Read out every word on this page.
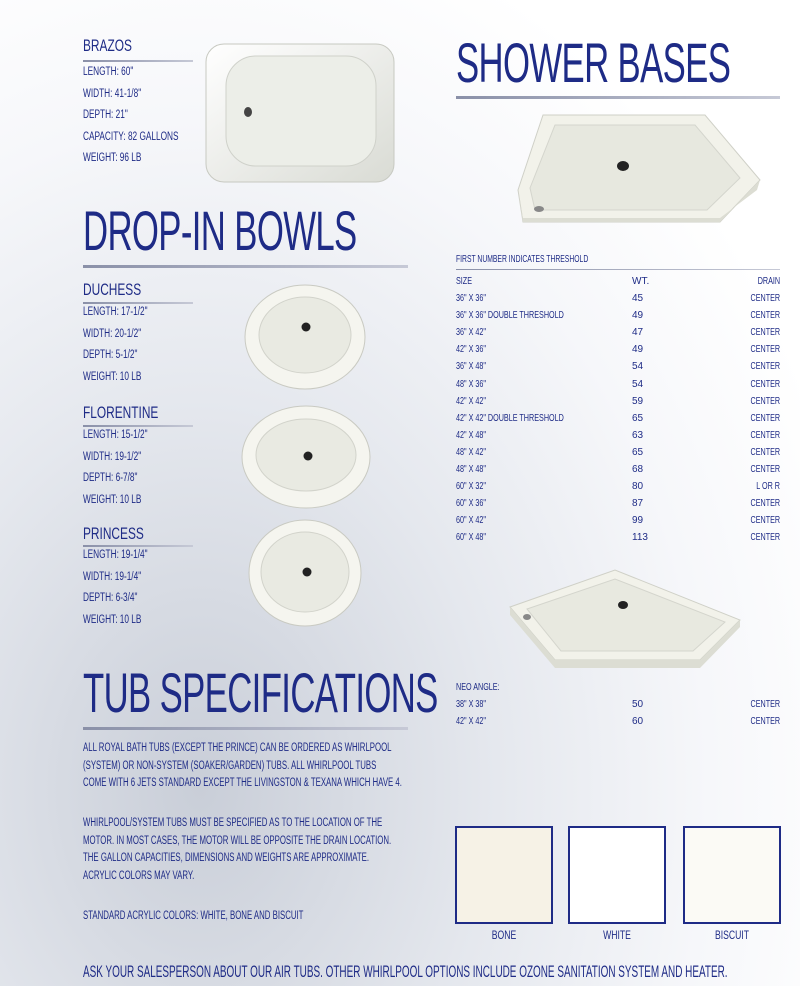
BRAZOS
LENGTH: 60"
WIDTH: 41-1/8"
DEPTH: 21"
CAPACITY: 82 GALLONS
WEIGHT: 96 LB
SHOWER BASES
FIRST NUMBER INDICATES THRESHOLD
SIZE	WT.	DRAIN
36" X 36"	45	CENTER
36" X 36" DOUBLE THRESHOLD	49	CENTER
36" X 42"	47	CENTER
42" X 36"	49	CENTER
36" X 48"	54	CENTER
48" X 36"	54	CENTER
42" X 42"	59	CENTER
42" X 42" DOUBLE THRESHOLD	65	CENTER
42" X 48"	63	CENTER
48" X 42"	65	CENTER
48" X 48"	68	CENTER
60" X 32"	80	L OR R
60" X 36"	87	CENTER
60" X 42"	99	CENTER
60" X 48"	113	CENTER
NEO ANGLE:
38" X 38"	50	CENTER
42" X 42"	60	CENTER
DROP-IN BOWLS
DUCHESS
LENGTH: 17-1/2"
WIDTH: 20-1/2"
DEPTH: 5-1/2"
WEIGHT: 10 LB
FLORENTINE
LENGTH: 15-1/2"
WIDTH: 19-1/2"
DEPTH: 6-7/8"
WEIGHT: 10 LB
PRINCESS
LENGTH: 19-1/4"
WIDTH: 19-1/4"
DEPTH: 6-3/4"
WEIGHT: 10 LB
TUB SPECIFICATIONS
ALL ROYAL BATH TUBS (EXCEPT THE PRINCE) CAN BE ORDERED AS WHIRLPOOL
(SYSTEM) OR NON-SYSTEM (SOAKER/GARDEN) TUBS. ALL WHIRLPOOL TUBS
COME WITH 6 JETS STANDARD EXCEPT THE LIVINGSTON & TEXANA WHICH HAVE 4.
WHIRLPOOL/SYSTEM TUBS MUST BE SPECIFIED AS TO THE LOCATION OF THE
MOTOR. IN MOST CASES, THE MOTOR WILL BE OPPOSITE THE DRAIN LOCATION.
THE GALLON CAPACITIES, DIMENSIONS AND WEIGHTS ARE APPROXIMATE.
ACRYLIC COLORS MAY VARY.
STANDARD ACRYLIC COLORS: WHITE, BONE AND BISCUIT
BONE	WHITE	BISCUIT
ASK YOUR SALESPERSON ABOUT OUR AIR TUBS. OTHER WHIRLPOOL OPTIONS INCLUDE OZONE SANITATION SYSTEM AND HEATER.
